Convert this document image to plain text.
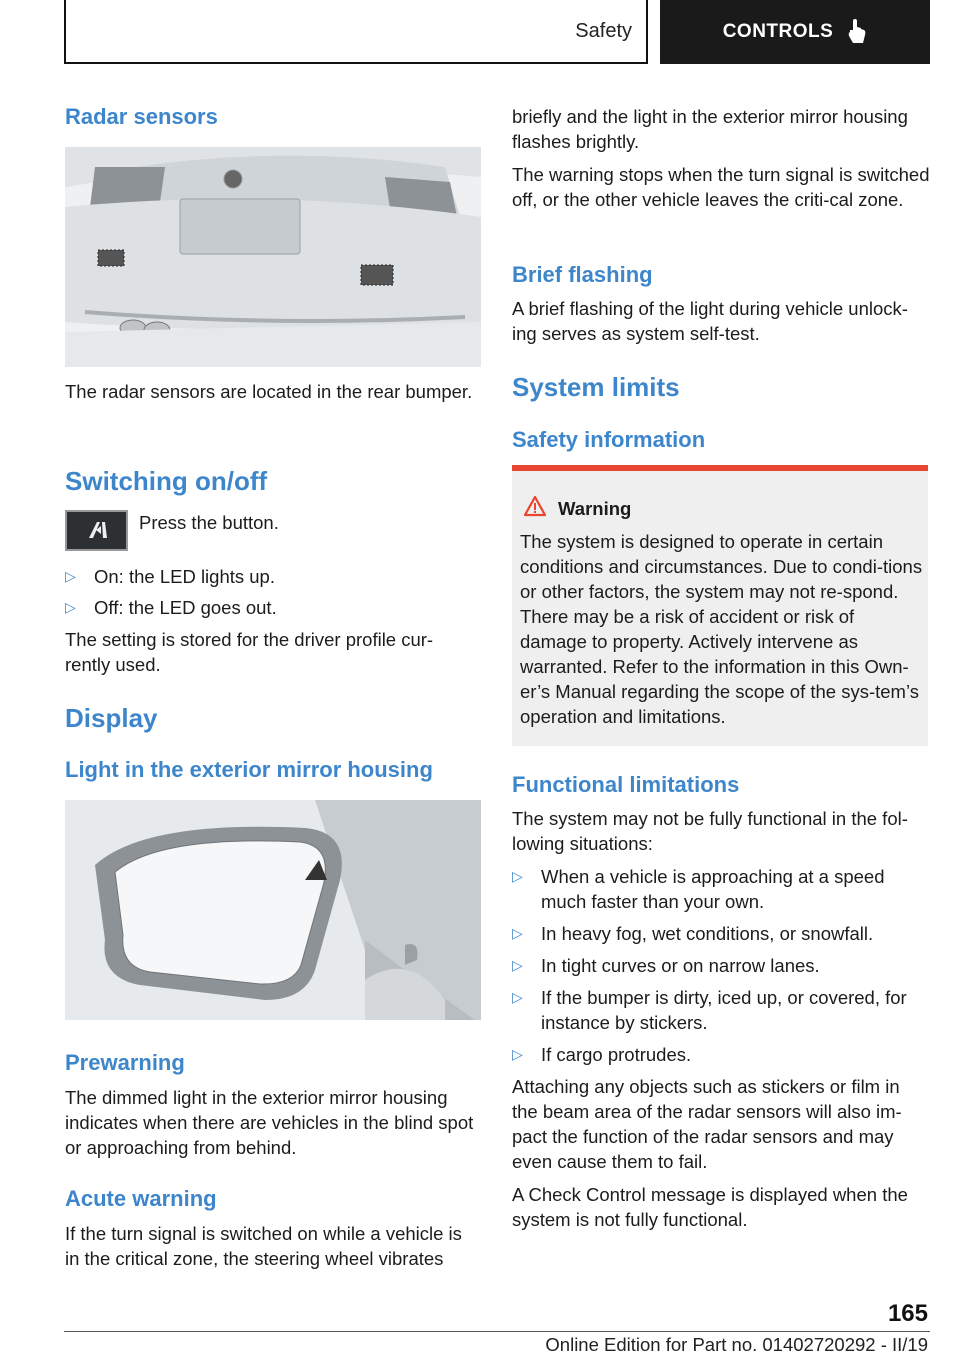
Safety	CONTROLS
Radar sensors

The radar sensors are located in the rear bumper.

Switching on/off

Press the button.

▷ On: the LED lights up.
▷ Off: the LED goes out.

The setting is stored for the driver profile cur-rently used.

Display
Light in the exterior mirror housing
Prewarning

The dimmed light in the exterior mirror housing indicates when there are vehicles in the blind spot or approaching from behind.

Acute warning

If the turn signal is switched on while a vehicle is in the critical zone, the steering wheel vibrates

briefly and the light in the exterior mirror housing flashes brightly.

The warning stops when the turn signal is switched off, or the other vehicle leaves the criti-cal zone.

Brief flashing

A brief flashing of the light during vehicle unlock-ing serves as system self-test.

System limits
Safety information
Warning
The system is designed to operate in certain conditions and circumstances. Due to condi-tions or other factors, the system may not re-spond. There may be a risk of accident or risk of damage to property. Actively intervene as warranted. Refer to the information in this Own-er’s Manual regarding the scope of the sys-tem’s operation and limitations.
Functional limitations

The system may not be fully functional in the fol-lowing situations:

▷ When a vehicle is approaching at a speed much faster than your own.
▷ In heavy fog, wet conditions, or snowfall.
▷ In tight curves or on narrow lanes.
▷ If the bumper is dirty, iced up, or covered, for instance by stickers.
▷ If cargo protrudes.

Attaching any objects such as stickers or film in the beam area of the radar sensors will also im-pact the function of the radar sensors and may even cause them to fail.

A Check Control message is displayed when the system is not fully functional.

165
Online Edition for Part no. 01402720292 - II/19
